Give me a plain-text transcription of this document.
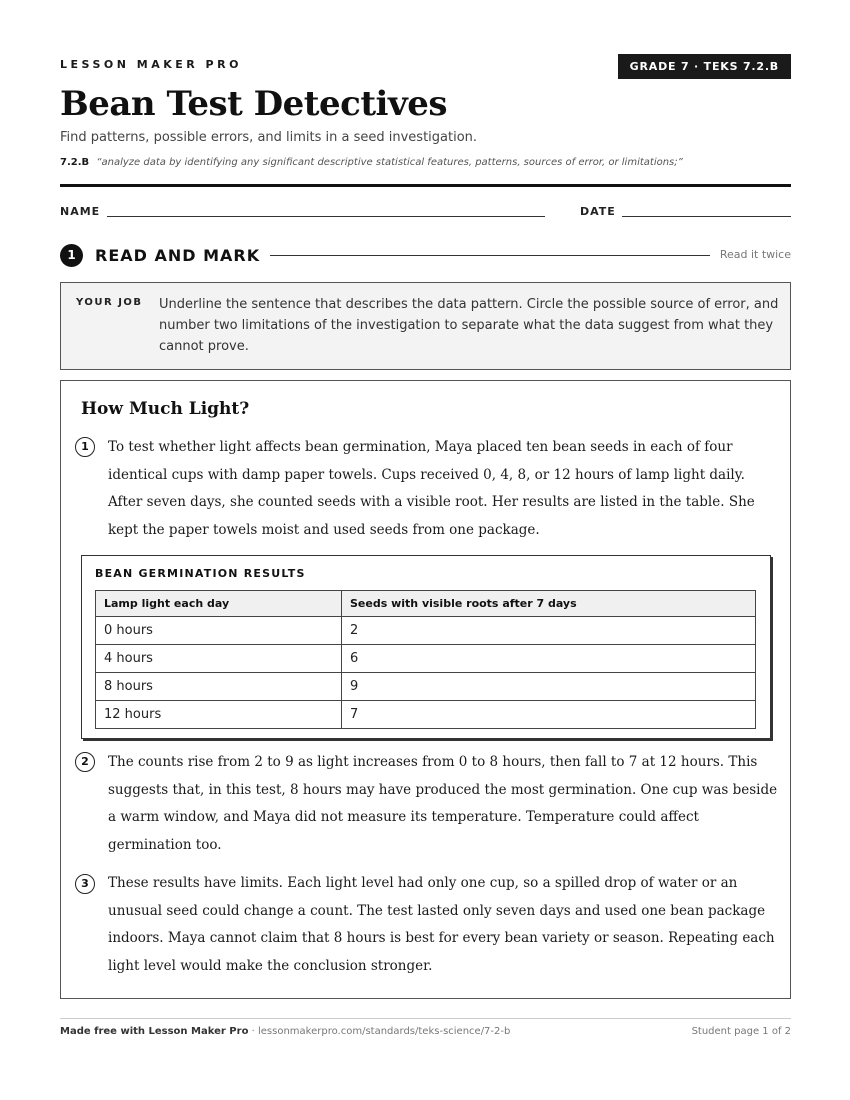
LESSON MAKER PRO	GRADE 7 · TEKS 7.2.B
Bean Test Detectives
Find patterns, possible errors, and limits in a seed investigation.
7.2.B “analyze data by identifying any significant descriptive statistical features, patterns, sources of error, or limitations;”
NAME	DATE
1	READ AND MARK	Read it twice
YOUR JOB Underline the sentence that describes the data pattern. Circle the possible source of error, and number two limitations of the investigation to separate what the data suggest from what they cannot prove.
How Much Light?
1	To test whether light affects bean germination, Maya placed ten bean seeds in each of four identical cups with damp paper towels. Cups received 0, 4, 8, or 12 hours of lamp light daily. After seven days, she counted seeds with a visible root. Her results are listed in the table. She kept the paper towels moist and used seeds from one package.

BEAN GERMINATION RESULTS
Lamp light each day	Seeds with visible roots after 7 days
0 hours	2
4 hours	6
8 hours	9
12 hours	7
2	The counts rise from 2 to 9 as light increases from 0 to 8 hours, then fall to 7 at 12 hours. This suggests that, in this test, 8 hours may have produced the most germination. One cup was beside a warm window, and Maya did not measure its temperature. Temperature could affect germination too.

3	These results have limits. Each light level had only one cup, so a spilled drop of water or an unusual seed could change a count. The test lasted only seven days and used one bean package indoors. Maya cannot claim that 8 hours is best for every bean variety or season. Repeating each light level would make the conclusion stronger.

Made free with Lesson Maker Pro · lessonmakerpro.com/standards/teks-science/7-2-b	Student page 1 of 2
